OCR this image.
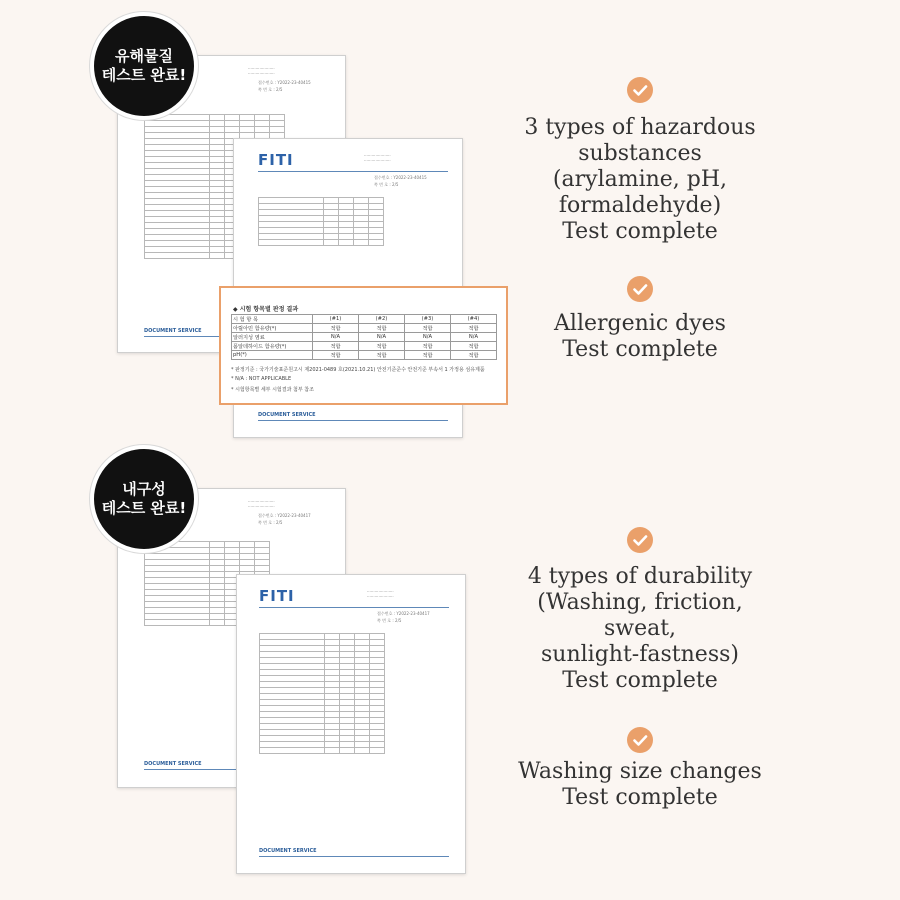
·····················
·····················
접수번호 : Y2022-23-40415
쪽 번 호 : 2/5

DOCUMENT SERVICE
FITI	·····················
·····················
접수번호 : Y2022-23-40415
쪽 번 호 : 2/5

DOCUMENT SERVICE
◆ 시험 항목별 판정 결과
시 험 항 목	(#1)	(#2)	(#3)	(#4)
아릴아민 함유량(*)	적합	적합	적합	적합
알러지성 염료	N/A	N/A	N/A	N/A
폼알데하이드 함유량(*)	적합	적합	적합	적합
pH(*)	적합	적합	적합	적합
* 판정기준 : 국가기술표준원고시 제2021-0489 호(2021.10.21) 안전기준준수 안전기준 부속서 1 가정용 섬유제품
* N/A : NOT APPLICABLE
* 시험항목별 세부 시험결과 첨부 참조
·····················
·····················
접수번호 : Y2022-23-40417
쪽 번 호 : 2/5

DOCUMENT SERVICE
FITI	·····················
·····················
접수번호 : Y2022-23-40417
쪽 번 호 : 2/5

DOCUMENT SERVICE
유해물질
테스트 완료!
내구성
테스트 완료!
3 types of hazardous
substances
(arylamine, pH,
formaldehyde)
Test complete
Allergenic dyes
Test complete
4 types of durability
(Washing, friction,
sweat,
sunlight-fastness)
Test complete
Washing size changes
Test complete
